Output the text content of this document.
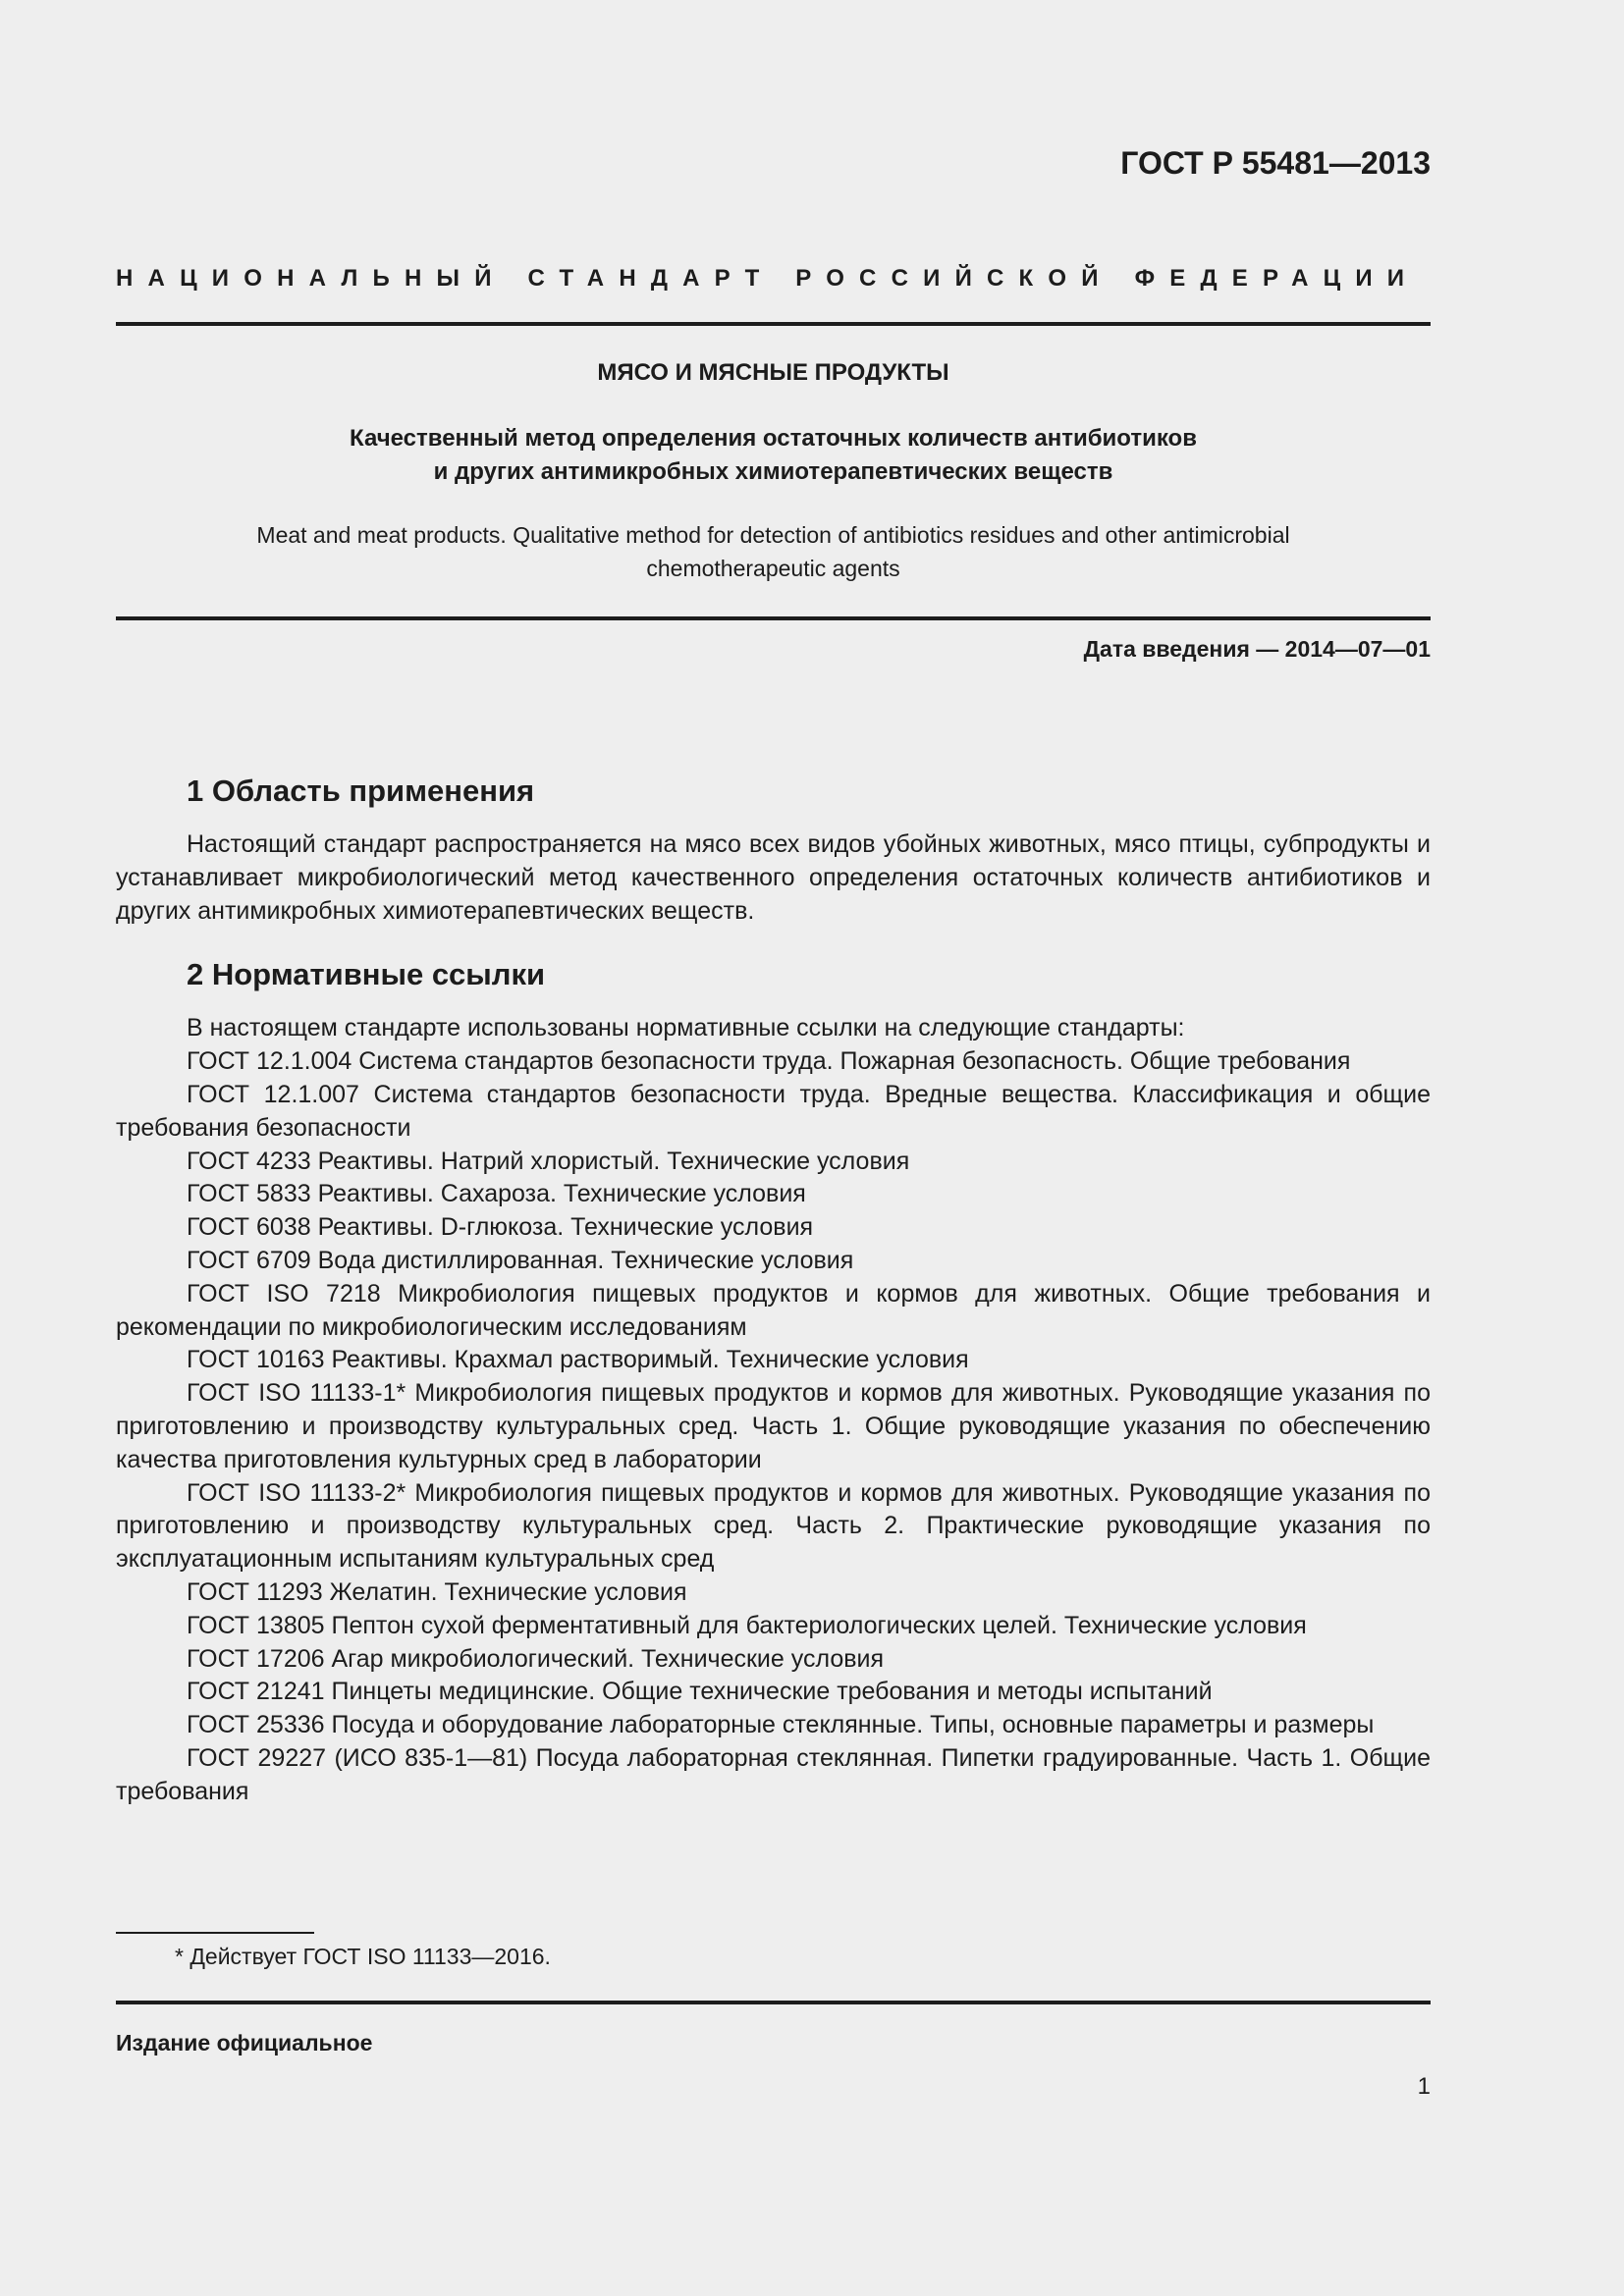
ГОСТ Р 55481—2013
НАЦИОНАЛЬНЫЙ СТАНДАРТ РОССИЙСКОЙ ФЕДЕРАЦИИ
МЯСО И МЯСНЫЕ ПРОДУКТЫ
Качественный метод определения остаточных количеств антибиотиков
и других антимикробных химиотерапевтических веществ
Meat and meat products. Qualitative method for detection of antibiotics residues and other antimicrobial
chemotherapeutic agents
Дата введения — 2014—07—01
1 Область применения

Настоящий стандарт распространяется на мясо всех видов убойных животных, мясо птицы, субпродукты и устанавливает микробиологический метод качественного определения остаточных количеств антибиотиков и других антимикробных химиотерапевтических веществ.

2 Нормативные ссылки

В настоящем стандарте использованы нормативные ссылки на следующие стандарты:

ГОСТ 12.1.004 Система стандартов безопасности труда. Пожарная безопасность. Общие требования

ГОСТ 12.1.007 Система стандартов безопасности труда. Вредные вещества. Классификация и общие требования безопасности

ГОСТ 4233 Реактивы. Натрий хлористый. Технические условия

ГОСТ 5833 Реактивы. Сахароза. Технические условия

ГОСТ 6038 Реактивы. D-глюкоза. Технические условия

ГОСТ 6709 Вода дистиллированная. Технические условия

ГОСТ ISO 7218 Микробиология пищевых продуктов и кормов для животных. Общие требования и рекомендации по микробиологическим исследованиям

ГОСТ 10163 Реактивы. Крахмал растворимый. Технические условия

ГОСТ ISO 11133-1* Микробиология пищевых продуктов и кормов для животных. Руководящие указания по приготовлению и производству культуральных сред. Часть 1. Общие руководящие указания по обеспечению качества приготовления культурных сред в лаборатории

ГОСТ ISO 11133-2* Микробиология пищевых продуктов и кормов для животных. Руководящие указания по приготовлению и производству культуральных сред. Часть 2. Практические руководящие указания по эксплуатационным испытаниям культуральных сред

ГОСТ 11293 Желатин. Технические условия

ГОСТ 13805 Пептон сухой ферментативный для бактериологических целей. Технические условия

ГОСТ 17206 Агар микробиологический. Технические условия

ГОСТ 21241 Пинцеты медицинские. Общие технические требования и методы испытаний

ГОСТ 25336 Посуда и оборудование лабораторные стеклянные. Типы, основные параметры и размеры

ГОСТ 29227 (ИСО 835-1—81) Посуда лабораторная стеклянная. Пипетки градуированные. Часть 1. Общие требования

* Действует ГОСТ ISO 11133—2016.
Издание официальное
1
